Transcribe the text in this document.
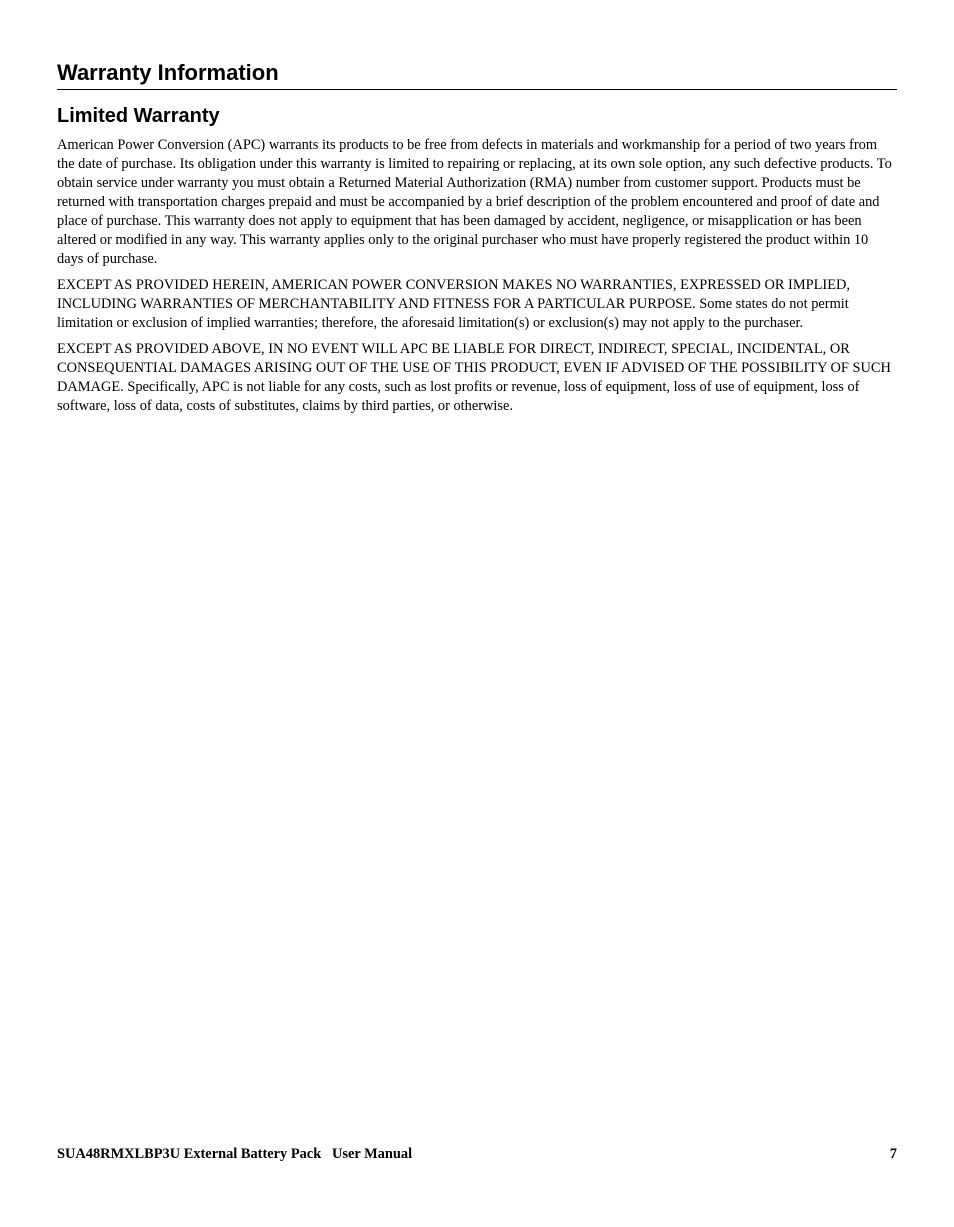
Warranty Information
Limited Warranty

American Power Conversion (APC) warrants its products to be free from defects in materials and workmanship for a period of two years from the date of purchase. Its obligation under this warranty is limited to repairing or replacing, at its own sole option, any such defective products. To obtain service under warranty you must obtain a Returned Material Authorization (RMA) number from customer support. Products must be returned with transportation charges prepaid and must be accompanied by a brief description of the problem encountered and proof of date and place of purchase. This warranty does not apply to equipment that has been damaged by accident, negligence, or misapplication or has been altered or modified in any way. This warranty applies only to the original purchaser who must have properly registered the product within 10 days of purchase.

EXCEPT AS PROVIDED HEREIN, AMERICAN POWER CONVERSION MAKES NO WARRANTIES, EXPRESSED OR IMPLIED, INCLUDING WARRANTIES OF MERCHANTABILITY AND FITNESS FOR A PARTICULAR PURPOSE. Some states do not permit limitation or exclusion of implied warranties; therefore, the aforesaid limitation(s) or exclusion(s) may not apply to the purchaser.

EXCEPT AS PROVIDED ABOVE, IN NO EVENT WILL APC BE LIABLE FOR DIRECT, INDIRECT, SPECIAL, INCIDENTAL, OR CONSEQUENTIAL DAMAGES ARISING OUT OF THE USE OF THIS PRODUCT, EVEN IF ADVISED OF THE POSSIBILITY OF SUCH DAMAGE. Specifically, APC is not liable for any costs, such as lost profits or revenue, loss of equipment, loss of use of equipment, loss of software, loss of data, costs of substitutes, claims by third parties, or otherwise.

SUA48RMXLBP3U External Battery Pack   User Manual	7
